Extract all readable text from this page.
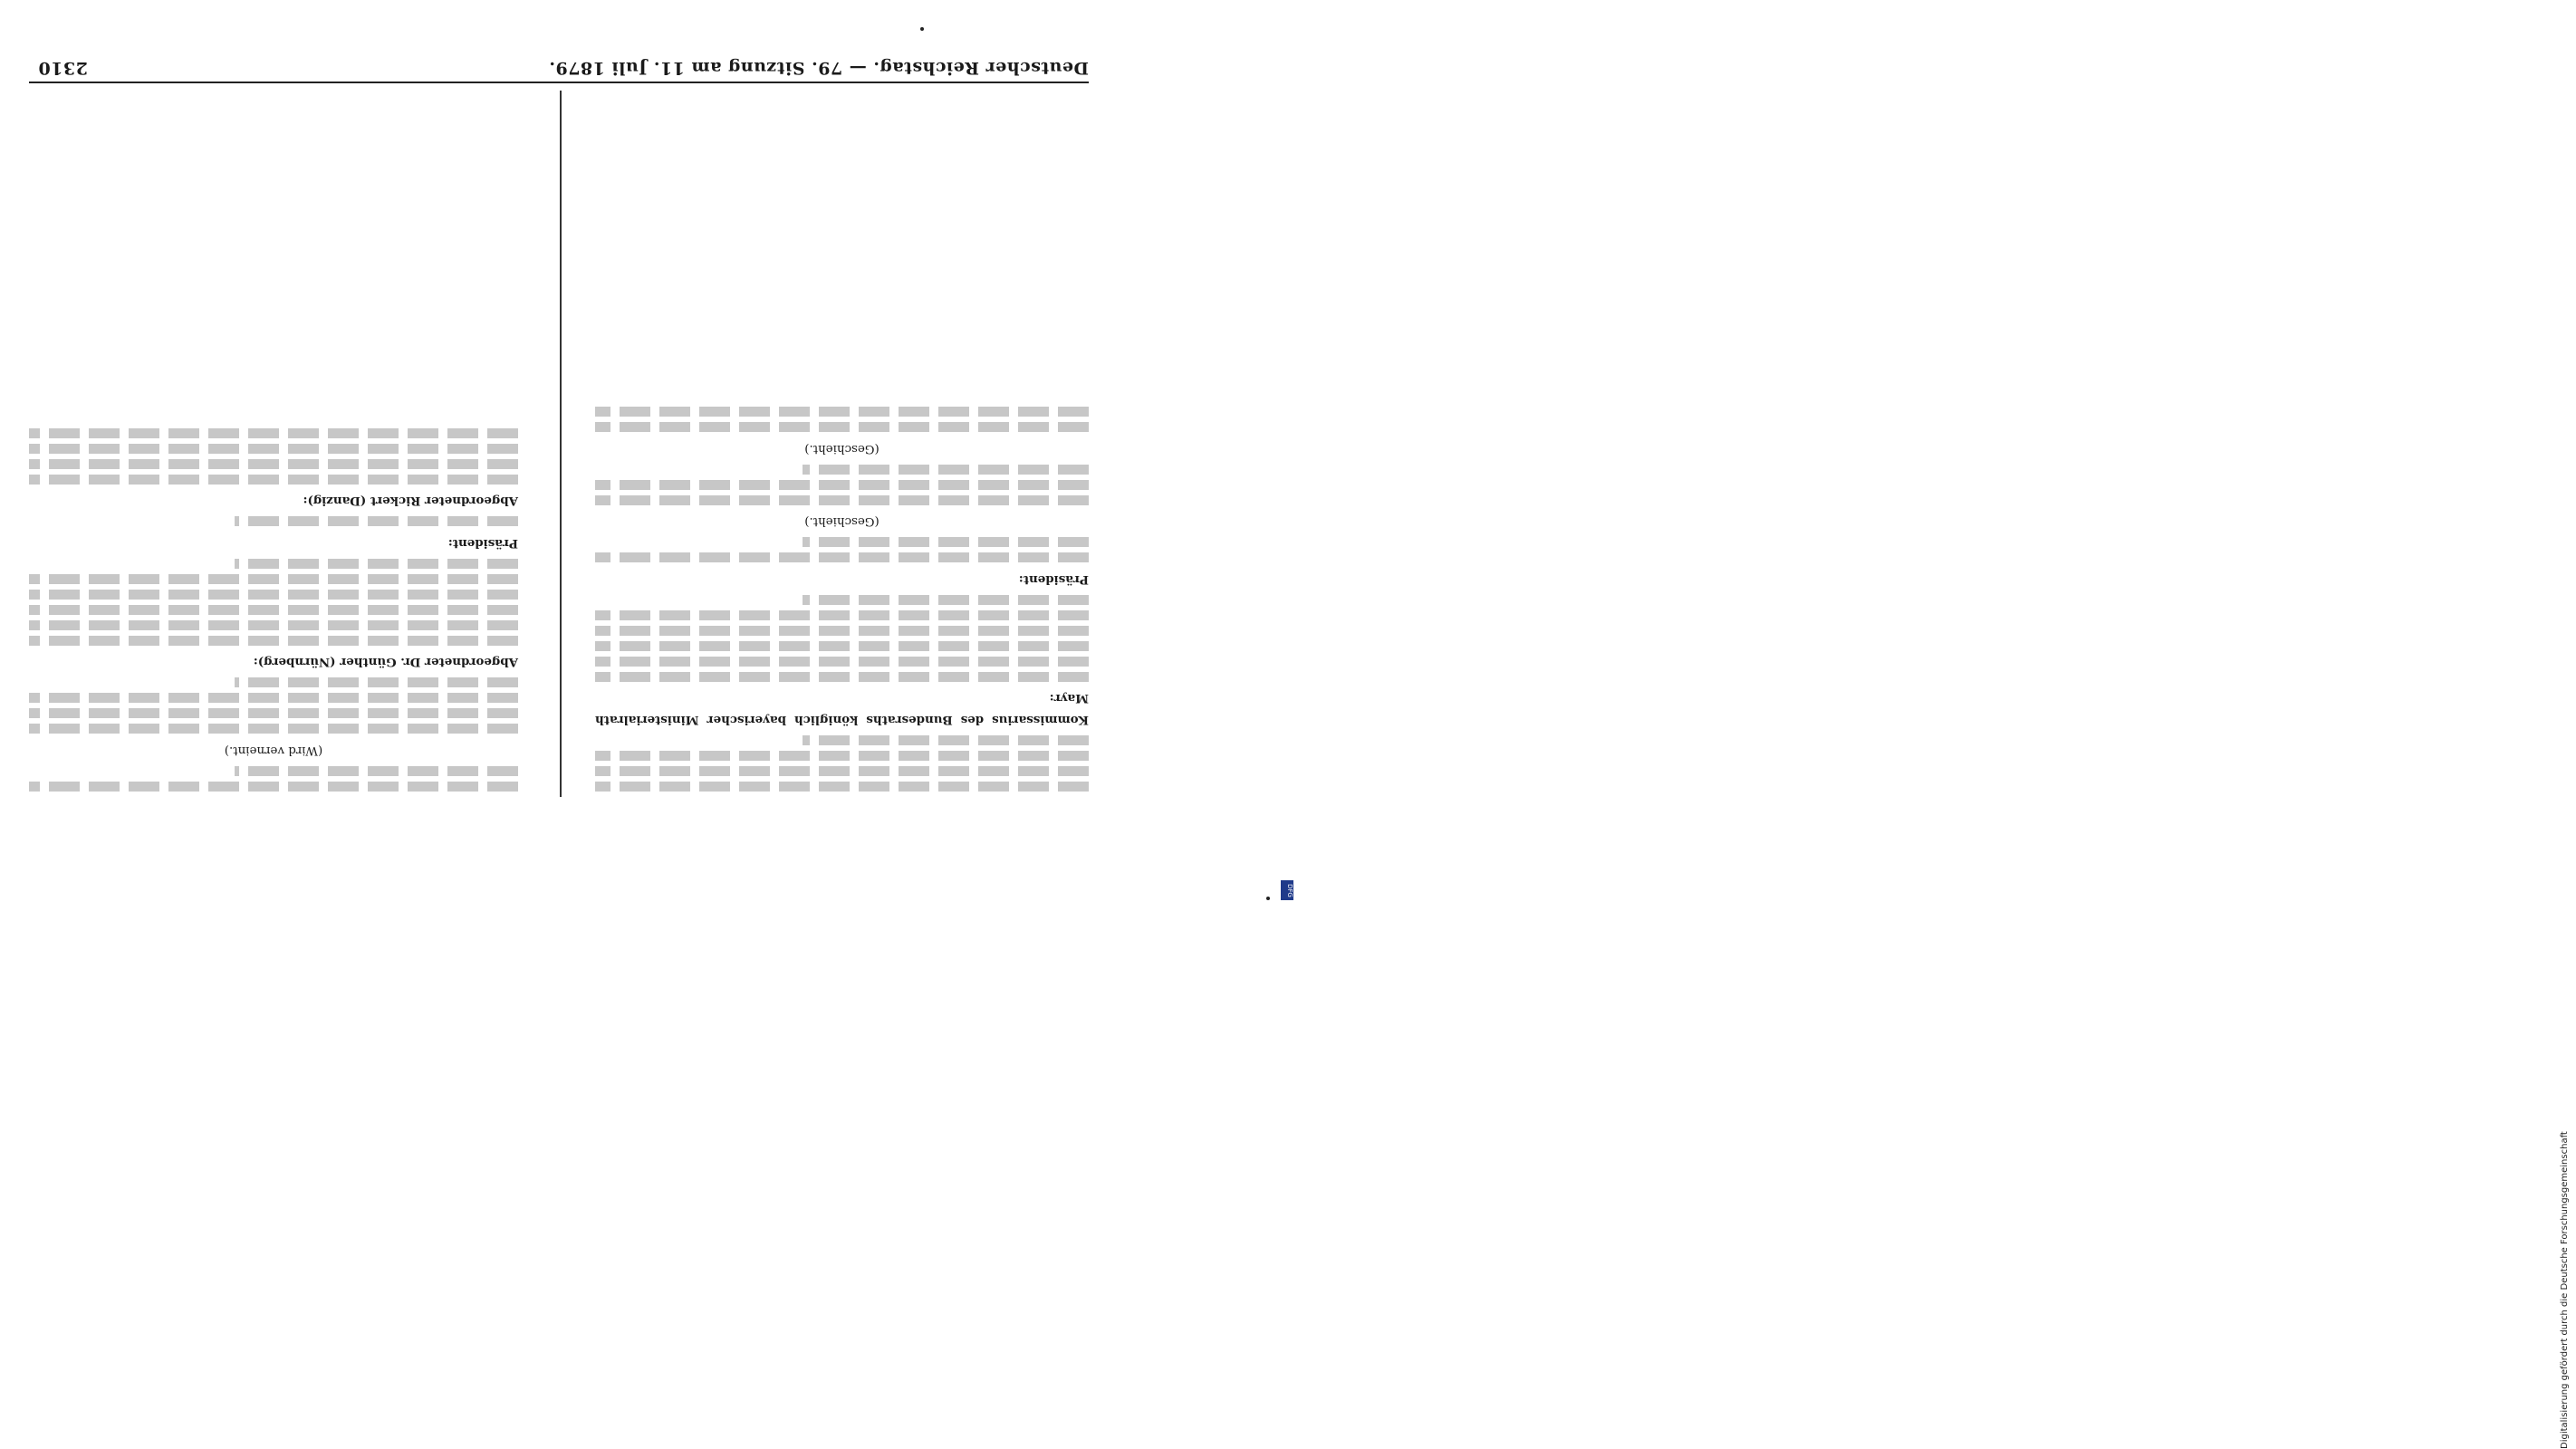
2310	Deutscher Reichstag. — 79. Sitzung am 11. Juli 1879.

(Wird verneint.)

Abgeordneter Dr. Günther (Nürnberg):

Präsident:

Abgeordneter Rickert (Danzig):

Kommissarius des Bundesraths königlich bayerischer Ministerialrath Mayr:

Präsident:

(Geschieht.)

(Geschieht.)

Digitalisierung gefördert durch die Deutsche Forschungsgemeinschaft
DFG
